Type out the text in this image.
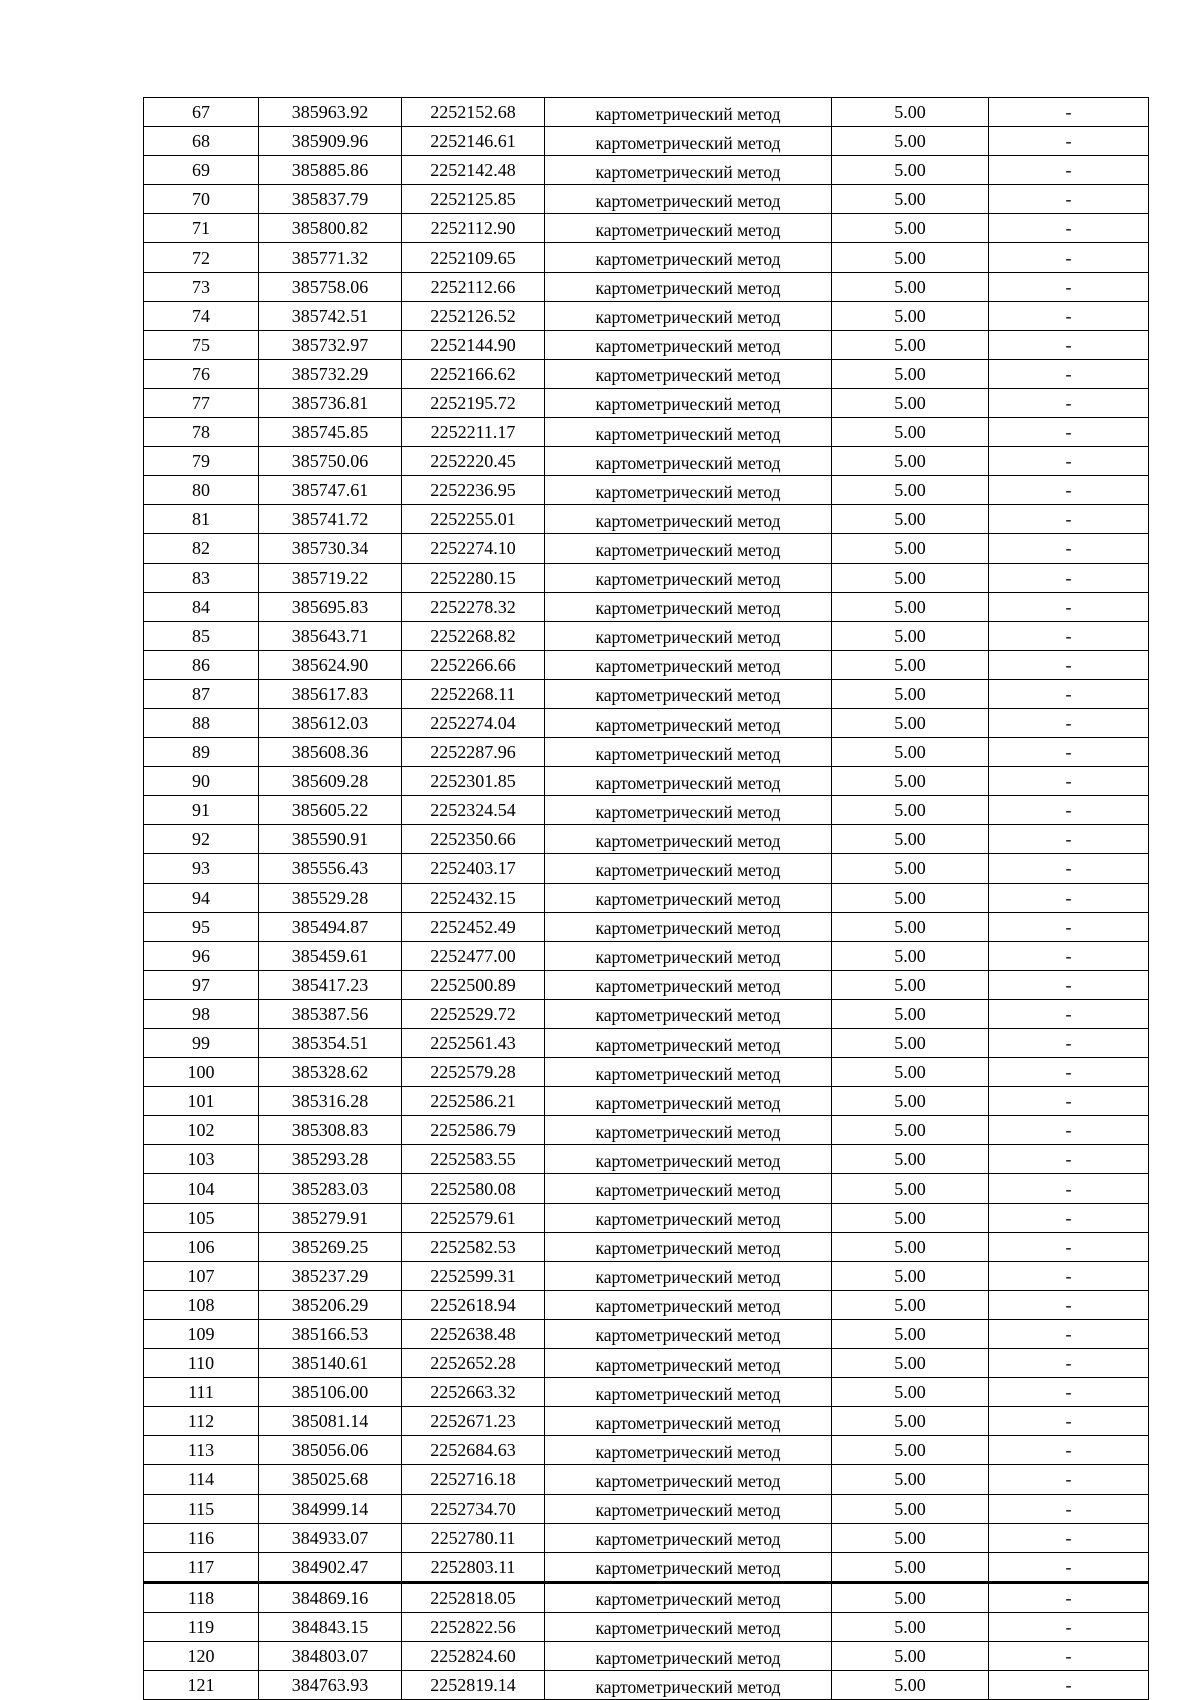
67	385963.92	2252152.68	картометрический метод	5.00	-
68	385909.96	2252146.61	картометрический метод	5.00	-
69	385885.86	2252142.48	картометрический метод	5.00	-
70	385837.79	2252125.85	картометрический метод	5.00	-
71	385800.82	2252112.90	картометрический метод	5.00	-
72	385771.32	2252109.65	картометрический метод	5.00	-
73	385758.06	2252112.66	картометрический метод	5.00	-
74	385742.51	2252126.52	картометрический метод	5.00	-
75	385732.97	2252144.90	картометрический метод	5.00	-
76	385732.29	2252166.62	картометрический метод	5.00	-
77	385736.81	2252195.72	картометрический метод	5.00	-
78	385745.85	2252211.17	картометрический метод	5.00	-
79	385750.06	2252220.45	картометрический метод	5.00	-
80	385747.61	2252236.95	картометрический метод	5.00	-
81	385741.72	2252255.01	картометрический метод	5.00	-
82	385730.34	2252274.10	картометрический метод	5.00	-
83	385719.22	2252280.15	картометрический метод	5.00	-
84	385695.83	2252278.32	картометрический метод	5.00	-
85	385643.71	2252268.82	картометрический метод	5.00	-
86	385624.90	2252266.66	картометрический метод	5.00	-
87	385617.83	2252268.11	картометрический метод	5.00	-
88	385612.03	2252274.04	картометрический метод	5.00	-
89	385608.36	2252287.96	картометрический метод	5.00	-
90	385609.28	2252301.85	картометрический метод	5.00	-
91	385605.22	2252324.54	картометрический метод	5.00	-
92	385590.91	2252350.66	картометрический метод	5.00	-
93	385556.43	2252403.17	картометрический метод	5.00	-
94	385529.28	2252432.15	картометрический метод	5.00	-
95	385494.87	2252452.49	картометрический метод	5.00	-
96	385459.61	2252477.00	картометрический метод	5.00	-
97	385417.23	2252500.89	картометрический метод	5.00	-
98	385387.56	2252529.72	картометрический метод	5.00	-
99	385354.51	2252561.43	картометрический метод	5.00	-
100	385328.62	2252579.28	картометрический метод	5.00	-
101	385316.28	2252586.21	картометрический метод	5.00	-
102	385308.83	2252586.79	картометрический метод	5.00	-
103	385293.28	2252583.55	картометрический метод	5.00	-
104	385283.03	2252580.08	картометрический метод	5.00	-
105	385279.91	2252579.61	картометрический метод	5.00	-
106	385269.25	2252582.53	картометрический метод	5.00	-
107	385237.29	2252599.31	картометрический метод	5.00	-
108	385206.29	2252618.94	картометрический метод	5.00	-
109	385166.53	2252638.48	картометрический метод	5.00	-
110	385140.61	2252652.28	картометрический метод	5.00	-
111	385106.00	2252663.32	картометрический метод	5.00	-
112	385081.14	2252671.23	картометрический метод	5.00	-
113	385056.06	2252684.63	картометрический метод	5.00	-
114	385025.68	2252716.18	картометрический метод	5.00	-
115	384999.14	2252734.70	картометрический метод	5.00	-
116	384933.07	2252780.11	картометрический метод	5.00	-
117	384902.47	2252803.11	картометрический метод	5.00	-
118	384869.16	2252818.05	картометрический метод	5.00	-
119	384843.15	2252822.56	картометрический метод	5.00	-
120	384803.07	2252824.60	картометрический метод	5.00	-
121	384763.93	2252819.14	картометрический метод	5.00	-
